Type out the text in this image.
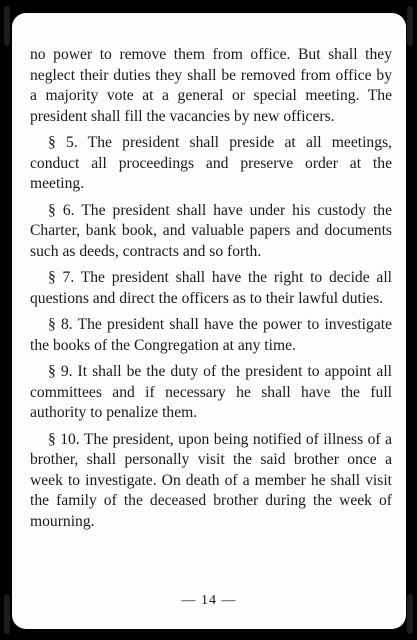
no power to remove them from office. But shall they neglect their duties they shall be removed from office by a majority vote at a general or special meeting. The president shall fill the vacancies by new officers.

§ 5. The president shall preside at all meetings, conduct all proceedings and preserve order at the meeting.

§ 6. The president shall have under his custody the Charter, bank book, and valuable papers and documents such as deeds, contracts and so forth.

§ 7. The president shall have the right to decide all questions and direct the officers as to their lawful duties.

§ 8. The president shall have the power to investigate the books of the Congregation at any time.

§ 9. It shall be the duty of the president to appoint all committees and if necessary he shall have the full authority to penalize them.

§ 10. The president, upon being notified of illness of a brother, shall personally visit the said brother once a week to investigate. On death of a member he shall visit the family of the deceased brother during the week of mourning.

— 14 —
